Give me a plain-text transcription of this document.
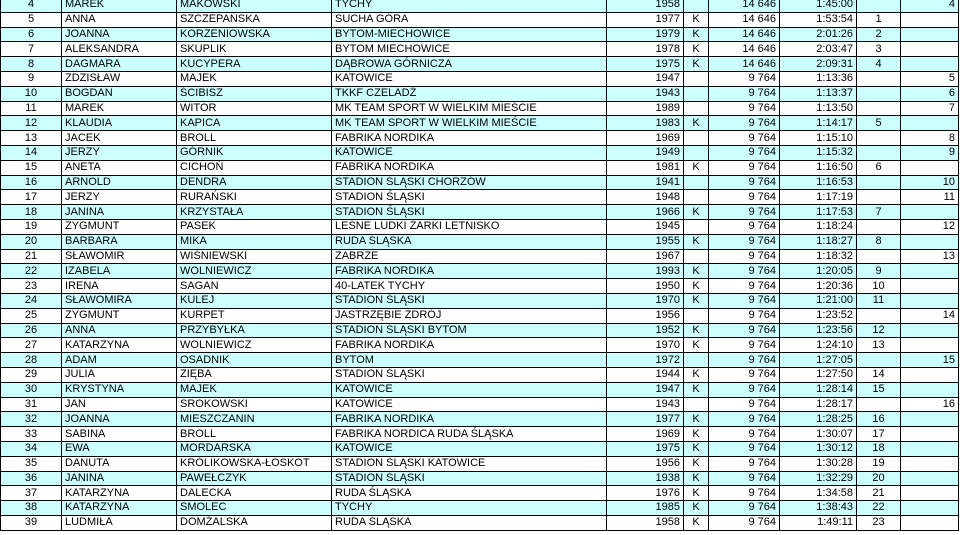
4	MAREK	MAKOWSKI	TYCHY	1958		14 646	1:45:00		4
5	ANNA	SZCZEPAŃSKA	SUCHA GÓRA	1977	K	14 646	1:53:54	1	
6	JOANNA	KORZENIOWSKA	BYTOM-MIECHOWICE	1979	K	14 646	2:01:26	2	
7	ALEKSANDRA	SKUPLIK	BYTOM MIECHOWICE	1978	K	14 646	2:03:47	3	
8	DAGMARA	KUCYPERA	DĄBROWA GÓRNICZA	1975	K	14 646	2:09:31	4	
9	ZDZISŁAW	MAJEK	KATOWICE	1947		9 764	1:13:36		5
10	BOGDAN	ŚCIBISZ	TKKF CZELADŹ	1943		9 764	1:13:37		6
11	MAREK	WITOR	MK TEAM SPORT W WIELKIM MIEŚCIE	1989		9 764	1:13:50		7
12	KLAUDIA	KAPICA	MK TEAM SPORT W WIELKIM MIEŚCIE	1983	K	9 764	1:14:17	5	
13	JACEK	BROLL	FABRIKA NORDIKA	1969		9 764	1:15:10		8
14	JERZY	GÓRNIK	KATOWICE	1949		9 764	1:15:32		9
15	ANETA	CICHOŃ	FABRIKA NORDIKA	1981	K	9 764	1:16:50	6	
16	ARNOLD	DENDRA	STADION ŚLĄSKI CHORZÓW	1941		9 764	1:16:53		10
17	JERZY	RURAŃSKI	STADION ŚLĄSKI	1948		9 764	1:17:19		11
18	JANINA	KRZYSTAŁA	STADION ŚLĄSKI	1966	K	9 764	1:17:53	7	
19	ZYGMUNT	PASEK	LEŚNE LUDKI ŻARKI LETNISKO	1945		9 764	1:18:24		12
20	BARBARA	MIKA	RUDA ŚLĄSKA	1955	K	9 764	1:18:27	8	
21	SŁAWOMIR	WIŚNIEWSKI	ZABRZE	1967		9 764	1:18:32		13
22	IZABELA	WOLNIEWICZ	FABRIKA NORDIKA	1993	K	9 764	1:20:05	9	
23	IRENA	SAGAN	40-LATEK TYCHY	1950	K	9 764	1:20:36	10	
24	SŁAWOMIRA	KULEJ	STADION ŚLĄSKI	1970	K	9 764	1:21:00	11	
25	ZYGMUNT	KURPET	JASTRZĘBIE ZDRÓJ	1956		9 764	1:23:52		14
26	ANNA	PRZYBYŁKA	STADION ŚLĄSKI BYTOM	1952	K	9 764	1:23:56	12	
27	KATARZYNA	WOLNIEWICZ	FABRIKA NORDIKA	1970	K	9 764	1:24:10	13	
28	ADAM	OSADNIK	BYTOM	1972		9 764	1:27:05		15
29	JULIA	ZIĘBA	STADION ŚLĄSKI	1944	K	9 764	1:27:50	14	
30	KRYSTYNA	MAJEK	KATOWICE	1947	K	9 764	1:28:14	15	
31	JAN	SROKOWSKI	KATOWICE	1943		9 764	1:28:17		16
32	JOANNA	MIESZCZANIN	FABRIKA NORDIKA	1977	K	9 764	1:28:25	16	
33	SABINA	BROLL	FABRIKA NORDICA RUDA ŚLĄSKA	1969	K	9 764	1:30:07	17	
34	EWA	MORDARSKA	KATOWICE	1975	K	9 764	1:30:12	18	
35	DANUTA	KRÓLIKOWSKA-ŁOSKOT	STADION ŚLĄSKI KATOWICE	1956	K	9 764	1:30:28	19	
36	JANINA	PAWEŁCZYK	STADION ŚLĄSKI	1938	K	9 764	1:32:29	20	
37	KATARZYNA	DALECKA	RUDA ŚLĄSKA	1976	K	9 764	1:34:58	21	
38	KATARZYNA	SMOLEC	TYCHY	1985	K	9 764	1:38:43	22	
39	LUDMIŁA	DOMŻALSKA	RUDA ŚLĄSKA	1958	K	9 764	1:49:11	23	
